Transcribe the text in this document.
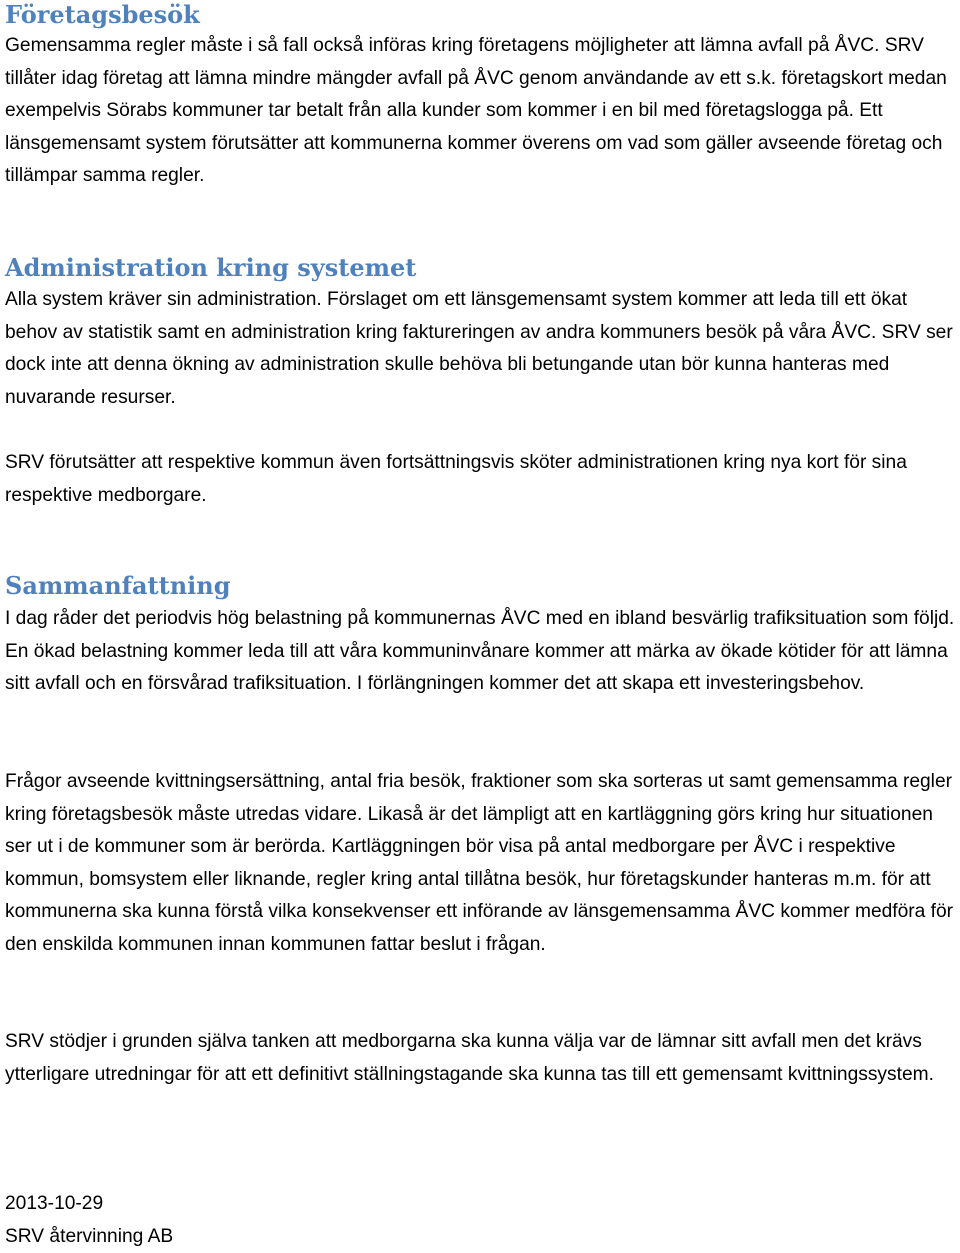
Företagsbesök

Gemensamma regler måste i så fall också införas kring företagens möjligheter att lämna avfall på ÅVC. SRV tillåter idag företag att lämna mindre mängder avfall på ÅVC genom användande av ett s.k. företagskort medan exempelvis Sörabs kommuner tar betalt från alla kunder som kommer i en bil med företagslogga på. Ett länsgemensamt system förutsätter att kommunerna kommer överens om vad som gäller avseende företag och tillämpar samma regler.

Administration kring systemet

Alla system kräver sin administration. Förslaget om ett länsgemensamt system kommer att leda till ett ökat behov av statistik samt en administration kring faktureringen av andra kommuners besök på våra ÅVC. SRV ser dock inte att denna ökning av administration skulle behöva bli betungande utan bör kunna hanteras med nuvarande resurser.

SRV förutsätter att respektive kommun även fortsättningsvis sköter administrationen kring nya kort för sina respektive medborgare.

Sammanfattning

I dag råder det periodvis hög belastning på kommunernas ÅVC med en ibland besvärlig trafiksituation som följd. En ökad belastning kommer leda till att våra kommuninvånare kommer att märka av ökade kötider för att lämna sitt avfall och en försvårad trafiksituation. I förlängningen kommer det att skapa ett investeringsbehov.

Frågor avseende kvittningsersättning, antal fria besök, fraktioner som ska sorteras ut samt gemensamma regler kring företagsbesök måste utredas vidare. Likaså är det lämpligt att en kartläggning görs kring hur situationen ser ut i de kommuner som är berörda. Kartläggningen bör visa på antal medborgare per ÅVC i respektive kommun, bomsystem eller liknande, regler kring antal tillåtna besök, hur företagskunder hanteras m.m. för att kommunerna ska kunna förstå vilka konsekvenser ett införande av länsgemensamma ÅVC kommer medföra för den enskilda kommunen innan kommunen fattar beslut i frågan.

SRV stödjer i grunden själva tanken att medborgarna ska kunna välja var de lämnar sitt avfall men det krävs ytterligare utredningar för att ett definitivt ställningstagande ska kunna tas till ett gemensamt kvittningssystem.

2013-10-29

SRV återvinning AB
